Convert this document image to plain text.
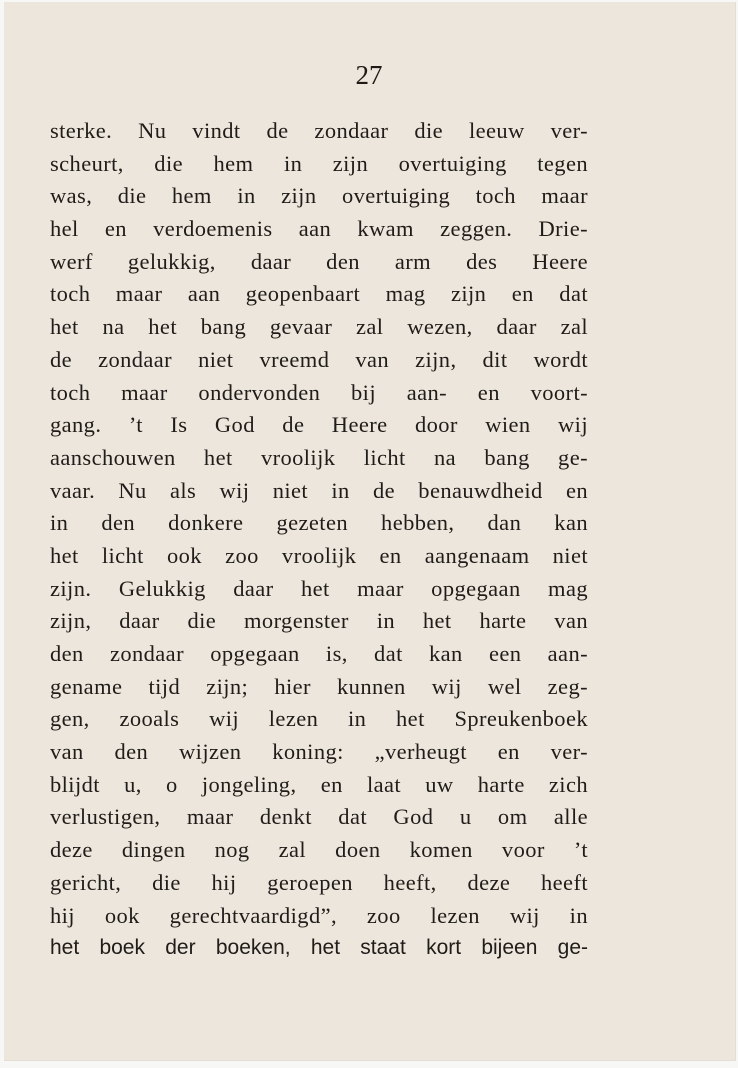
27
sterke. Nu vindt de zondaar die leeuw ver-
scheurt, die hem in zijn overtuiging tegen
was, die hem in zijn overtuiging toch maar
hel en verdoemenis aan kwam zeggen. Drie-
werf gelukkig, daar den arm des Heere
toch maar aan geopenbaart mag zijn en dat
het na het bang gevaar zal wezen, daar zal
de zondaar niet vreemd van zijn, dit wordt
toch maar ondervonden bij aan- en voort-
gang. ’t Is God de Heere door wien wij
aanschouwen het vroolijk licht na bang ge-
vaar. Nu als wij niet in de benauwdheid en
in den donkere gezeten hebben, dan kan
het licht ook zoo vroolijk en aangenaam niet
zijn. Gelukkig daar het maar opgegaan mag
zijn, daar die morgenster in het harte van
den zondaar opgegaan is, dat kan een aan-
gename tijd zijn; hier kunnen wij wel zeg-
gen, zooals wij lezen in het Spreukenboek
van den wijzen koning: „verheugt en ver-
blijdt u, o jongeling, en laat uw harte zich
verlustigen, maar denkt dat God u om alle
deze dingen nog zal doen komen voor ’t
gericht, die hij geroepen heeft, deze heeft
hij ook gerechtvaardigd”, zoo lezen wij in
het boek der boeken, het staat kort bijeen ge-
